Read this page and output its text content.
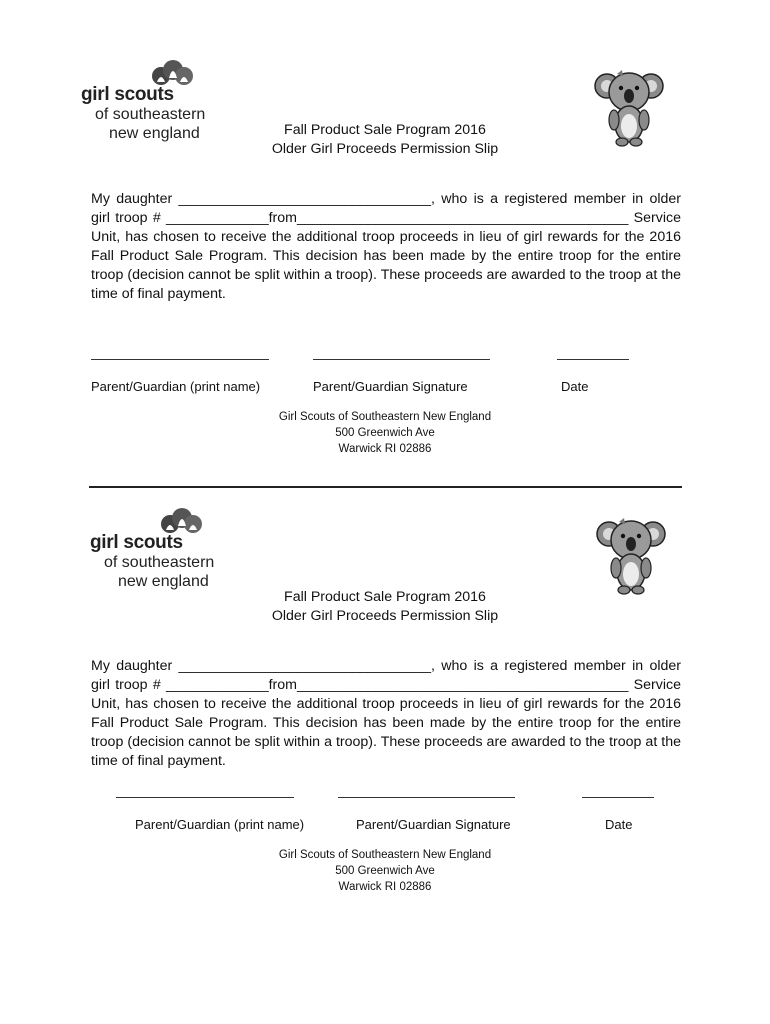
girl scouts
of southeastern
new england	Fall Product Sale Program 2016
Older Girl Proceeds Permission Slip

My daughter ________________________________, who is a registered member in older girl troop # _____________from__________________________________________ Service Unit, has chosen to receive the additional troop proceeds in lieu of girl rewards for the 2016 Fall Product Sale Program. This decision has been made by the entire troop for the entire troop (decision cannot be split within a troop). These proceeds are awarded to the troop at the time of final payment.

Parent/Guardian (print name)	Parent/Guardian Signature	Date
Girl Scouts of Southeastern New England
500 Greenwich Ave
Warwick RI 02886
girl scouts
of southeastern
new england
Fall Product Sale Program 2016
Older Girl Proceeds Permission Slip

My daughter ________________________________, who is a registered member in older girl troop # _____________from__________________________________________ Service Unit, has chosen to receive the additional troop proceeds in lieu of girl rewards for the 2016 Fall Product Sale Program. This decision has been made by the entire troop for the entire troop (decision cannot be split within a troop). These proceeds are awarded to the troop at the time of final payment.

Parent/Guardian (print name)	Parent/Guardian Signature	Date
Girl Scouts of Southeastern New England
500 Greenwich Ave
Warwick RI 02886
